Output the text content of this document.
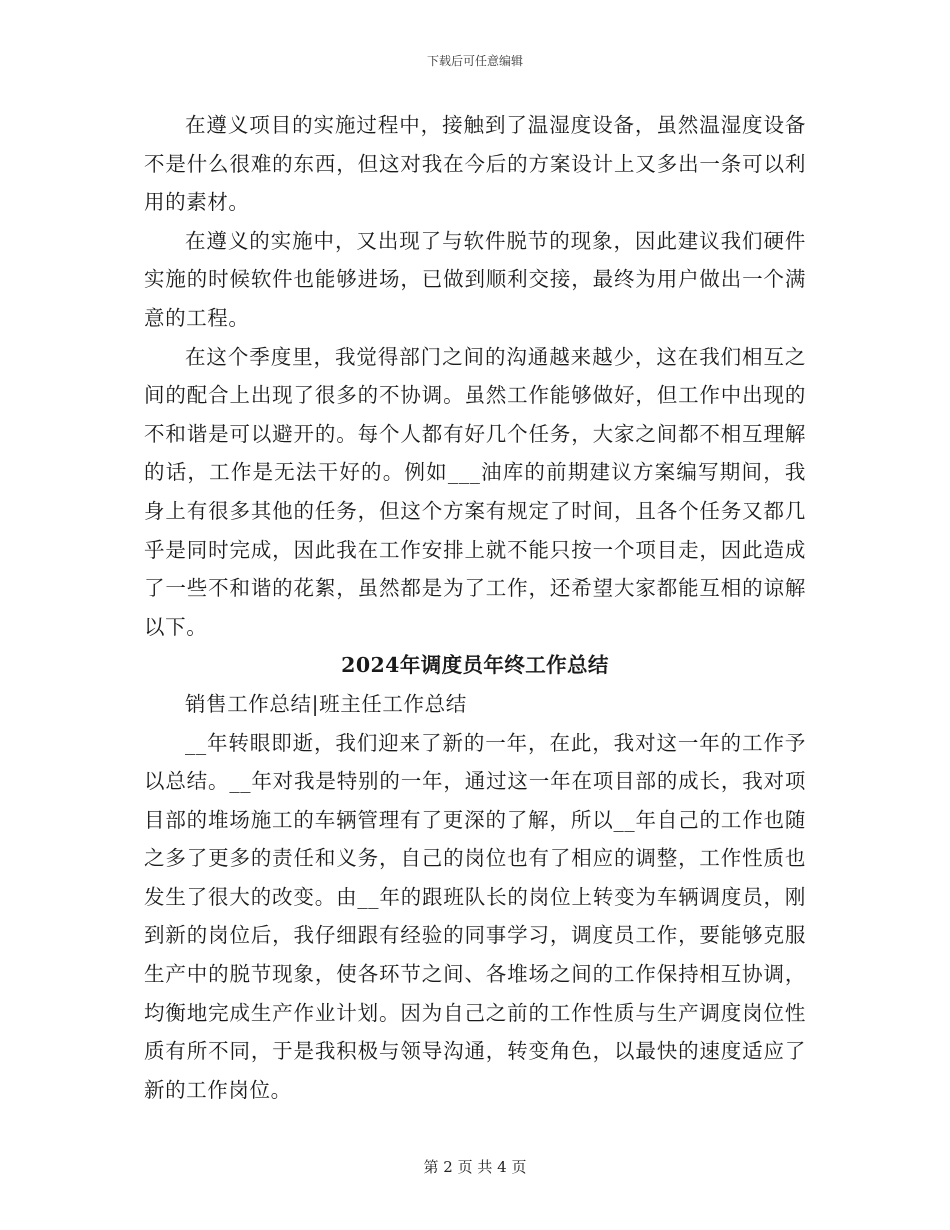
下载后可任意编辑

在遵义项目的实施过程中，接触到了温湿度设备，虽然温湿度设备不是什么很难的东西，但这对我在今后的方案设计上又多出一条可以利用的素材。

在遵义的实施中，又出现了与软件脱节的现象，因此建议我们硬件实施的时候软件也能够进场，已做到顺利交接，最终为用户做出一个满意的工程。

在这个季度里，我觉得部门之间的沟通越来越少，这在我们相互之间的配合上出现了很多的不协调。虽然工作能够做好，但工作中出现的不和谐是可以避开的。每个人都有好几个任务，大家之间都不相互理解的话，工作是无法干好的。例如___油库的前期建议方案编写期间，我身上有很多其他的任务，但这个方案有规定了时间，且各个任务又都几乎是同时完成，因此我在工作安排上就不能只按一个项目走，因此造成了一些不和谐的花絮，虽然都是为了工作，还希望大家都能互相的谅解以下。

2024年调度员年终工作总结

销售工作总结|班主任工作总结

__年转眼即逝，我们迎来了新的一年，在此，我对这一年的工作予以总结。__年对我是特别的一年，通过这一年在项目部的成长，我对项目部的堆场施工的车辆管理有了更深的了解，所以__年自己的工作也随之多了更多的责任和义务，自己的岗位也有了相应的调整，工作性质也发生了很大的改变。由__年的跟班队长的岗位上转变为车辆调度员，刚到新的岗位后，我仔细跟有经验的同事学习，调度员工作，要能够克服生产中的脱节现象，使各环节之间、各堆场之间的工作保持相互协调，均衡地完成生产作业计划。因为自己之前的工作性质与生产调度岗位性质有所不同，于是我积极与领导沟通，转变角色，以最快的速度适应了新的工作岗位。

第 2 页 共 4 页
